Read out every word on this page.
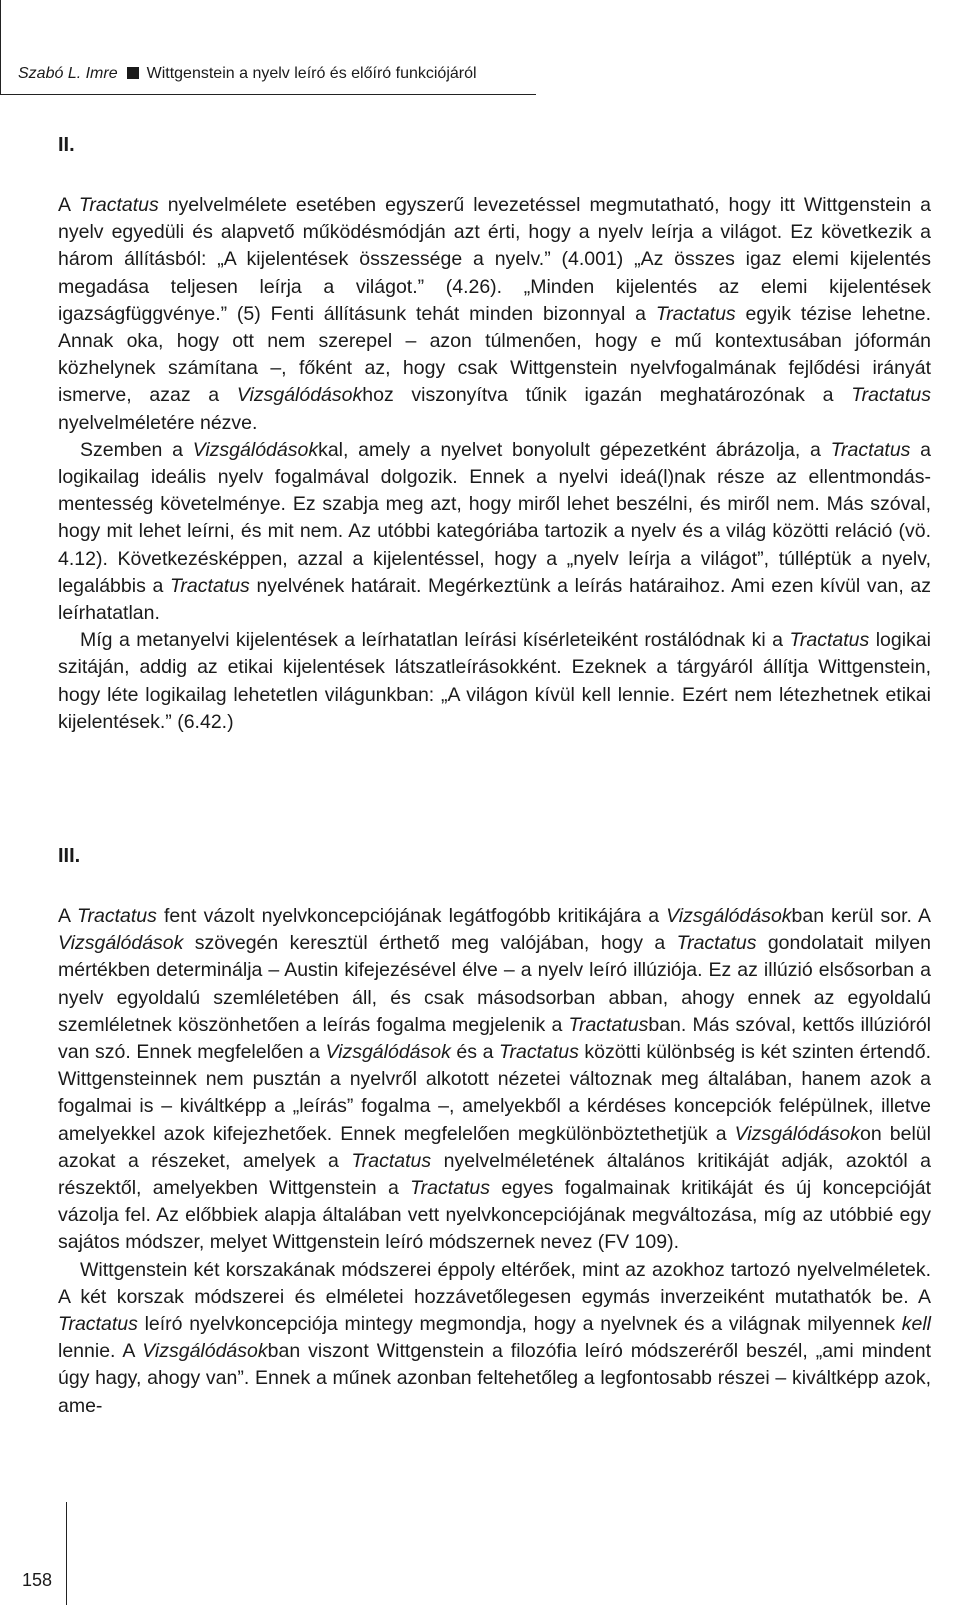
Szabó L. Imre Wittgenstein a nyelv leíró és előíró funkciójáról
II.

A Tractatus nyelvelmélete esetében egyszerű levezetéssel megmutatható, hogy itt Wittgenstein a nyelv egyedüli és alapvető működésmódján azt érti, hogy a nyelv leírja a világot. Ez következik a három állításból: „A kijelentések összessége a nyelv.” (4.001) „Az összes igaz elemi kijelentés megadása teljesen leírja a világot.” (4.26). „Minden kijelentés az elemi kijelentések igazságfüggvénye.” (5) Fenti állításunk tehát minden bizonnyal a Tractatus egyik tézise lehetne. Annak oka, hogy ott nem szerepel – azon túlmenően, hogy e mű kontextusában jóformán közhelynek számítana –, főként az, hogy csak Wittgenstein nyelvfogalmának fejlődési irányát ismerve, azaz a Vizsgálódásokhoz viszonyítva tűnik igazán meghatározónak a Tractatus nyelvelméletére nézve.

Szemben a Vizsgálódásokkal, amely a nyelvet bonyolult gépezetként ábrázolja, a Tractatus a logikailag ideális nyelv fogalmával dolgozik. Ennek a nyelvi ideá(l)nak része az ellentmondás-mentesség követelménye. Ez szabja meg azt, hogy miről lehet beszélni, és miről nem. Más szóval, hogy mit lehet leírni, és mit nem. Az utóbbi kategóriába tartozik a nyelv és a világ közötti reláció (vö. 4.12). Következésképpen, azzal a kijelentéssel, hogy a „nyelv leírja a világot”, túlléptük a nyelv, legalábbis a Tractatus nyelvének határait. Megérkeztünk a leírás határaihoz. Ami ezen kívül van, az leírhatatlan.

Míg a metanyelvi kijelentések a leírhatatlan leírási kísérleteiként rostálódnak ki a Tractatus logikai szitáján, addig az etikai kijelentések látszatleírásokként. Ezeknek a tárgyáról állítja Wittgenstein, hogy léte logikailag lehetetlen világunkban: „A világon kívül kell lennie. Ezért nem létezhetnek etikai kijelentések.” (6.42.)

III.

A Tractatus fent vázolt nyelvkoncepciójának legátfogóbb kritikájára a Vizsgálódásokban kerül sor. A Vizsgálódások szövegén keresztül érthető meg valójában, hogy a Tractatus gondolatait milyen mértékben determinálja – Austin kifejezésével élve – a nyelv leíró illúziója. Ez az illúzió elsősorban a nyelv egyoldalú szemléletében áll, és csak másodsorban abban, ahogy ennek az egyoldalú szemléletnek köszönhetően a leírás fogalma megjelenik a Tractatusban. Más szóval, kettős illúzióról van szó. Ennek megfelelően a Vizsgálódások és a Tractatus közötti különbség is két szinten értendő. Wittgensteinnek nem pusztán a nyelvről alkotott nézetei változnak meg általában, hanem azok a fogalmai is – kiváltképp a „leírás” fogalma –, amelyekből a kérdéses koncepciók felépülnek, illetve amelyekkel azok kifejezhetőek. Ennek megfelelően megkülönböztethetjük a Vizsgálódásokon belül azokat a részeket, amelyek a Tractatus nyelvelméletének általános kritikáját adják, azoktól a részektől, amelyekben Wittgenstein a Tractatus egyes fogalmainak kritikáját és új koncepcióját vázolja fel. Az előbbiek alapja általában vett nyelvkoncepciójának megváltozása, míg az utóbbié egy sajátos módszer, melyet Wittgenstein leíró módszernek nevez (FV 109).

Wittgenstein két korszakának módszerei éppoly eltérőek, mint az azokhoz tartozó nyelvelméletek. A két korszak módszerei és elméletei hozzávetőlegesen egymás inverzeiként mutathatók be. A Tractatus leíró nyelvkoncepciója mintegy megmondja, hogy a nyelvnek és a világnak milyennek kell lennie. A Vizsgálódásokban viszont Wittgenstein a filozófia leíró módszeréről beszél, „ami mindent úgy hagy, ahogy van”. Ennek a műnek azonban feltehetőleg a legfontosabb részei – kiváltképp azok, ame-

158
